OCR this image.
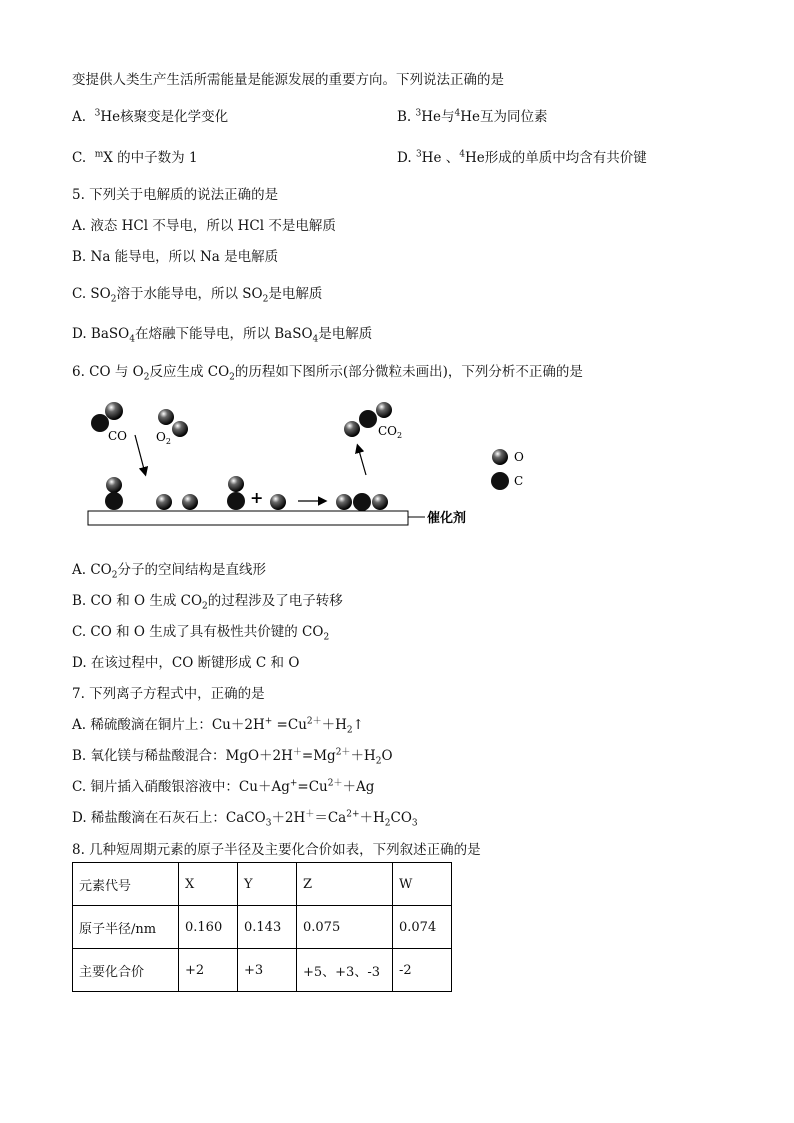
变提供人类生产生活所需能量是能源发展的重要方向。下列说法正确的是
A. $^3$He核聚变是化学变化	B. $^3$He与$^4$He互为同位素
C. $^m$X 的中子数为 1	D. $^3$He 、$^4$He形成的单质中均含有共价键
5. 下列关于电解质的说法正确的是
A. 液态 HCl 不导电，所以 HCl 不是电解质
B. Na 能导电，所以 Na 是电解质
C. $SO_2$溶于水能导电，所以 $SO_2$是电解质
D. BaSO$_4$在熔融下能导电，所以 BaSO$_4$是电解质
6. CO 与 $O_2$反应生成 $CO_2$的历程如下图所示(部分微粒未画出)，下列分析不正确的是
CO $O_2$
$CO_2$
+
催化剂
O
C
A. $CO_2$分子的空间结构是直线形
B. CO 和 O 生成 $CO_2$的过程涉及了电子转移
C. CO 和 O 生成了具有极性共价键的 $CO_2$
D. 在该过程中，CO 断键形成 C 和 O
7. 下列离子方程式中，正确的是
A. 稀硫酸滴在铜片上：$Cu+2H^+ =Cu^{2+}+H_2↑$
B. 氧化镁与稀盐酸混合：$MgO+2H^+=Mg^{2+}+H_2O$
C. 铜片插入硝酸银溶液中：$Cu+Ag^+=Cu^{2+}+Ag$
D. 稀盐酸滴在石灰石上：$CaCO_3+2H^+=Ca^{2+}+H_2CO_3$
8. 几种短周期元素的原子半径及主要化合价如表，下列叙述正确的是
元素代号	X	Y	Z	W
原子半径/nm	0.160	0.143	0.075	0.074
主要化合价	+2	+3	+5、+3、-3	-2
